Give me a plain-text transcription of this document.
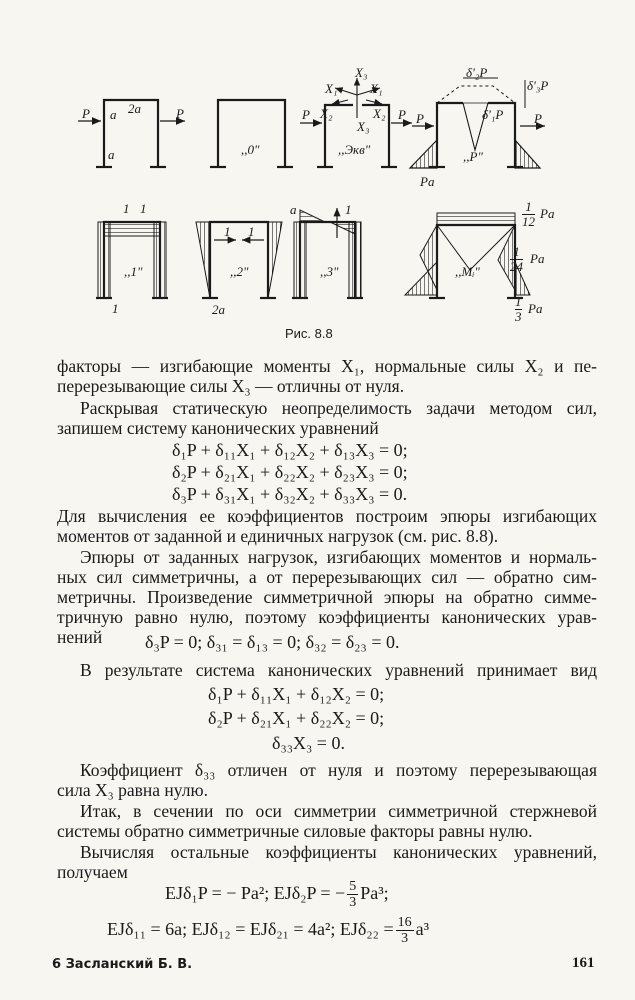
P	P
a 2a
a	,,0"	,,Экв"
X₃
X₁	X₁
X₂	X₂
X₃
P	P P	P
δ'₂P
δ'₃P
δ'₁P
,,P"
Pa
1 1
,,1"
1
1 1
,,2"
2a
a	1
,,3"	,,Mᵢ"
1
12
Pa
1
24
Pa
1
3
Pa
Рис. 8.8
факторы — изгибающие моменты X₁, нормальные силы X₂ и пе-
перерезывающие силы X₃ — отличны от нуля.
Раскрывая статическую неопределимость задачи методом сил,
запишем систему канонических уравнений
δ₁P + δ₁₁X₁ + δ₁₂X₂ + δ₁₃X₃ = 0;
δ₂P + δ₂₁X₁ + δ₂₂X₂ + δ₂₃X₃ = 0;
δ₃P + δ₃₁X₁ + δ₃₂X₂ + δ₃₃X₃ = 0.
Для вычисления ее коэффициентов построим эпюры изгибающих
моментов от заданной и единичных нагрузок (см. рис. 8.8).
Эпюры от заданных нагрузок, изгибающих моментов и нормаль-
ных сил симметричны, а от перерезывающих сил — обратно сим-
метричны. Произведение симметричной эпюры на обратно симме-
тричную равно нулю, поэтому коэффициенты канонических урав-
нений	δ₃P = 0; δ₃₁ = δ₁₃ = 0; δ₃₂ = δ₂₃ = 0.
В результате система канонических уравнений принимает вид
δ₁P + δ₁₁X₁ + δ₁₂X₂ = 0;
δ₂P + δ₂₁X₁ + δ₂₂X₂ = 0;
δ₃₃X₃ = 0.
Коэффициент δ₃₃ отличен от нуля и поэтому перерезывающая
сила X₃ равна нулю.
Итак, в сечении по оси симметрии симметричной стержневой
системы обратно симметричные силовые факторы равны нулю.
Вычисляя остальные коэффициенты канонических уравнений,
получаем
EJδ₁P = − Pa²; EJδ₂P = − $\frac{5}{3} Pa^3$;
EJδ₁₁ = 6a; EJδ₁₂ = EJδ₂₁ = 4a²; $EJ\delta_{22} = \frac{16}{3} a^3$
6 Засланский Б. В.	161
